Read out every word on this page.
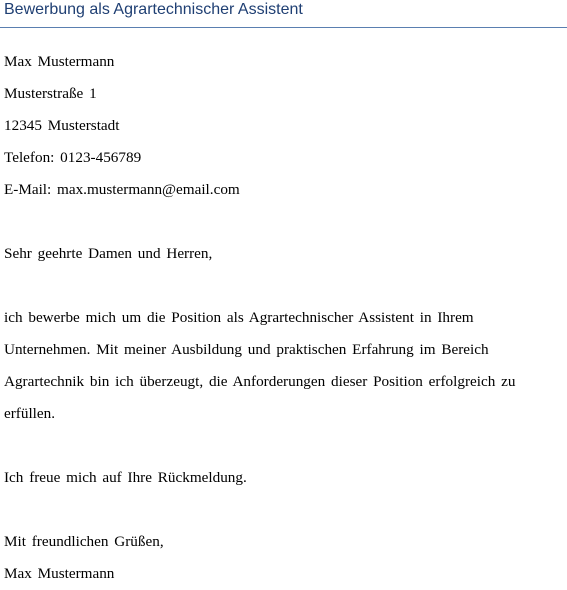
Bewerbung als Agrartechnischer Assistent
Max Mustermann
Musterstraße 1
12345 Musterstadt
Telefon: 0123-456789
E-Mail: max.mustermann@email.com
Sehr geehrte Damen und Herren,
ich bewerbe mich um die Position als Agrartechnischer Assistent in Ihrem
Unternehmen. Mit meiner Ausbildung und praktischen Erfahrung im Bereich
Agrartechnik bin ich überzeugt, die Anforderungen dieser Position erfolgreich zu
erfüllen.
Ich freue mich auf Ihre Rückmeldung.
Mit freundlichen Grüßen,
Max Mustermann
